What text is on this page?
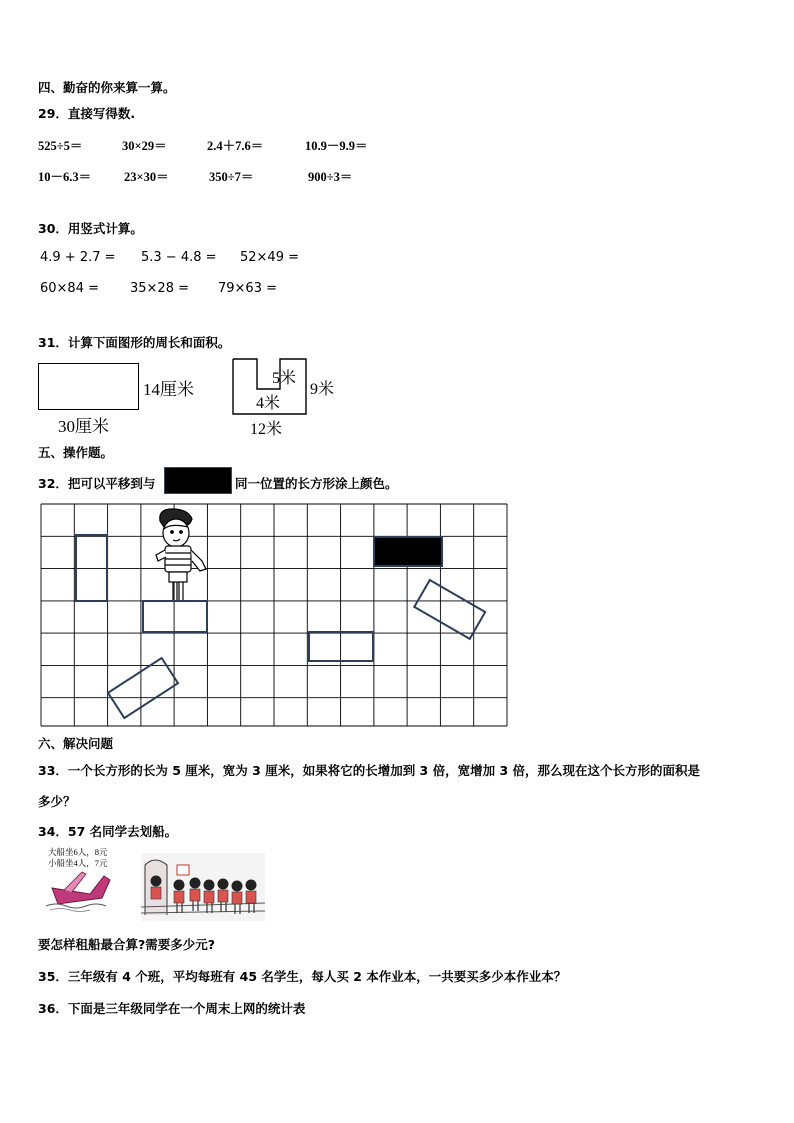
四、勤奋的你来算一算。
29．直接写得数.
525÷5＝	30×29＝	2.4＋7.6＝	10.9－9.9＝
10－6.3＝	23×30＝	350÷7＝	900÷3＝
30．用竖式计算。
4.9 + 2.7 = 5.3 − 4.8 = 52×49 =
60×84 = 35×28 = 79×63 =
31．计算下面图形的周长和面积。
14厘米
30厘米
5米
4米
9米
12米
五、操作题。
32．把可以平移到与	同一位置的长方形涂上颜色。
六、解决问题
33．一个长方形的长为 5 厘米，宽为 3 厘米，如果将它的长增加到 3 倍，宽增加 3 倍，那么现在这个长方形的面积是
多少？
34．57 名同学去划船。
大船坐6人，8元
小船坐4人，7元
要怎样租船最合算?需要多少元?
35．三年级有 4 个班，平均每班有 45 名学生，每人买 2 本作业本，一共要买多少本作业本？
36．下面是三年级同学在一个周末上网的统计表
